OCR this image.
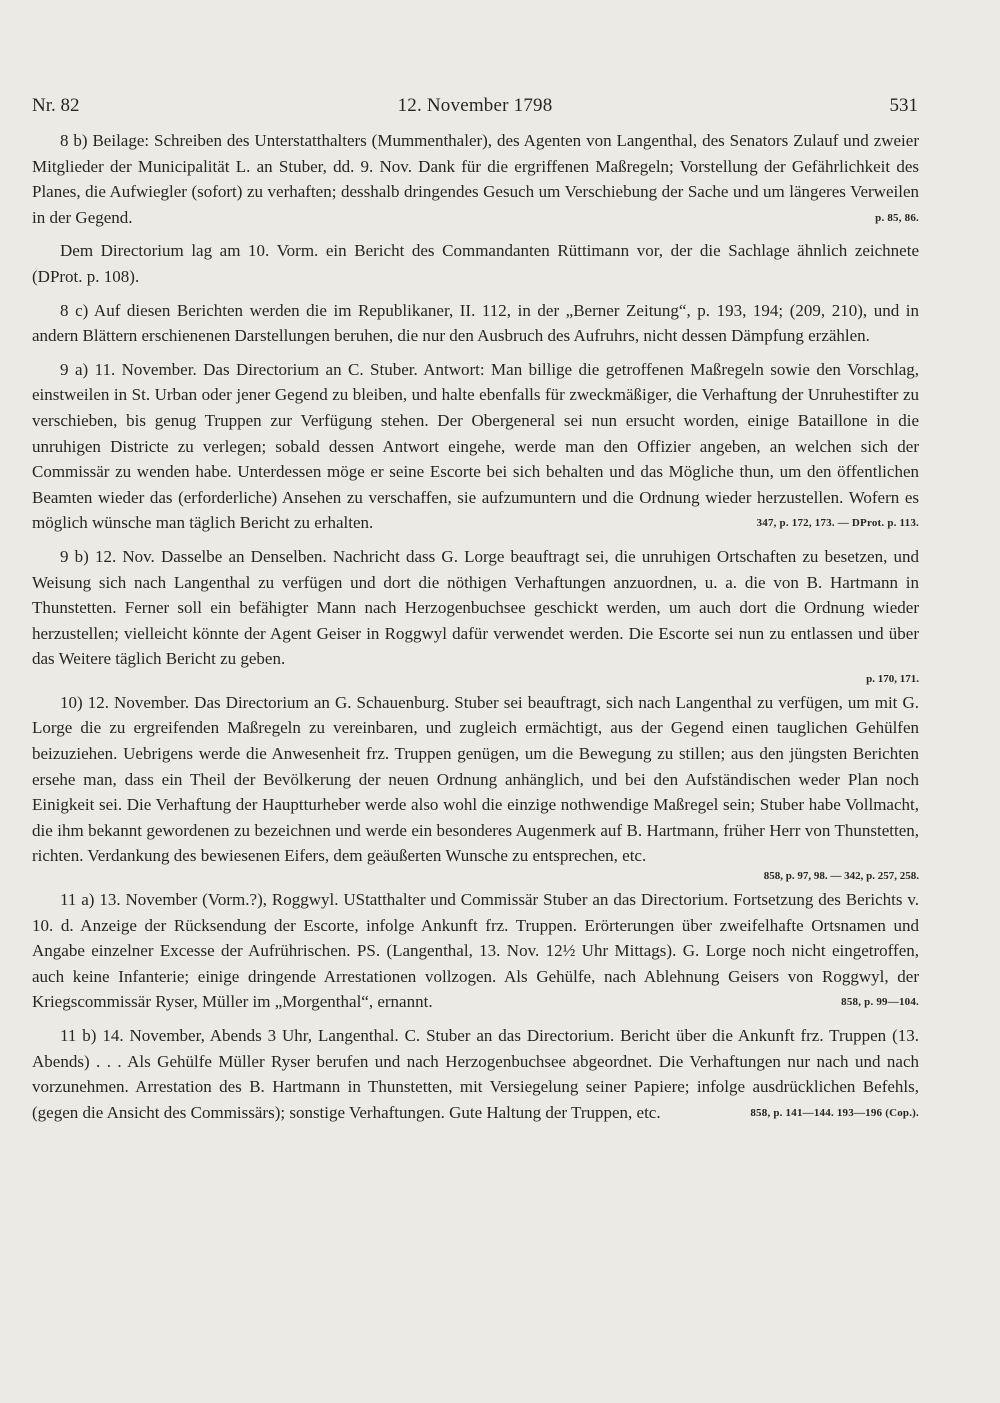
Nr. 82	12. November 1798	531

8 b) Beilage: Schreiben des Unterstatthalters (Mummenthaler), des Agenten von Langenthal, des Senators Zulauf und zweier Mitglieder der Municipalität L. an Stuber, dd. 9. Nov. Dank für die ergriffenen Maßregeln; Vorstellung der Gefährlichkeit des Planes, die Aufwiegler (sofort) zu verhaften; desshalb dringendes Gesuch um Verschiebung der Sache und um längeres Verweilen in der Gegend.	p. 85, 86.

Dem Directorium lag am 10. Vorm. ein Bericht des Commandanten Rüttimann vor, der die Sachlage ähnlich zeichnete (DProt. p. 108).

8 c) Auf diesen Berichten werden die im Republikaner, II. 112, in der „Berner Zeitung“, p. 193, 194; (209, 210), und in andern Blättern erschienenen Darstellungen beruhen, die nur den Ausbruch des Aufruhrs, nicht dessen Dämpfung erzählen.

9 a) 11. November. Das Directorium an C. Stuber. Antwort: Man billige die getroffenen Maßregeln sowie den Vorschlag, einstweilen in St. Urban oder jener Gegend zu bleiben, und halte ebenfalls für zweckmäßiger, die Verhaftung der Unruhestifter zu verschieben, bis genug Truppen zur Verfügung stehen. Der Obergeneral sei nun ersucht worden, einige Bataillone in die unruhigen Districte zu verlegen; sobald dessen Antwort eingehe, werde man den Offizier angeben, an welchen sich der Commissär zu wenden habe. Unterdessen möge er seine Escorte bei sich behalten und das Mögliche thun, um den öffentlichen Beamten wieder das (erforderliche) Ansehen zu verschaffen, sie aufzumuntern und die Ordnung wieder herzustellen. Wofern es möglich wünsche man täglich Bericht zu erhalten.	347, p. 172, 173. — DProt. p. 113.

9 b) 12. Nov. Dasselbe an Denselben. Nachricht dass G. Lorge beauftragt sei, die unruhigen Ortschaften zu besetzen, und Weisung sich nach Langenthal zu verfügen und dort die nöthigen Verhaftungen anzuordnen, u. a. die von B. Hartmann in Thunstetten. Ferner soll ein befähigter Mann nach Herzogenbuchsee geschickt werden, um auch dort die Ordnung wieder herzustellen; vielleicht könnte der Agent Geiser in Roggwyl dafür verwendet werden. Die Escorte sei nun zu entlassen und über das Weitere täglich Bericht zu geben.

p. 170, 171.

10) 12. November. Das Directorium an G. Schauenburg. Stuber sei beauftragt, sich nach Langenthal zu verfügen, um mit G. Lorge die zu ergreifenden Maßregeln zu vereinbaren, und zugleich ermächtigt, aus der Gegend einen tauglichen Gehülfen beizuziehen. Uebrigens werde die Anwesenheit frz. Truppen genügen, um die Bewegung zu stillen; aus den jüngsten Berichten ersehe man, dass ein Theil der Bevölkerung der neuen Ordnung anhänglich, und bei den Aufständischen weder Plan noch Einigkeit sei. Die Verhaftung der Hauptturheber werde also wohl die einzige nothwendige Maßregel sein; Stuber habe Vollmacht, die ihm bekannt gewordenen zu bezeichnen und werde ein besonderes Augenmerk auf B. Hartmann, früher Herr von Thunstetten, richten. Verdankung des bewiesenen Eifers, dem geäußerten Wunsche zu entsprechen, etc.

858, p. 97, 98. — 342, p. 257, 258.

11 a) 13. November (Vorm.?), Roggwyl. UStatthalter und Commissär Stuber an das Directorium. Fortsetzung des Berichts v. 10. d. Anzeige der Rücksendung der Escorte, infolge Ankunft frz. Truppen. Erörterungen über zweifelhafte Ortsnamen und Angabe einzelner Excesse der Aufrührischen. PS. (Langenthal, 13. Nov. 12½ Uhr Mittags). G. Lorge noch nicht eingetroffen, auch keine Infanterie; einige dringende Arrestationen vollzogen. Als Gehülfe, nach Ablehnung Geisers von Roggwyl, der Kriegscommissär Ryser, Müller im „Morgenthal“, ernannt.	858, p. 99—104.

11 b) 14. November, Abends 3 Uhr, Langenthal. C. Stuber an das Directorium. Bericht über die Ankunft frz. Truppen (13. Abends) . . . Als Gehülfe Müller Ryser berufen und nach Herzogenbuchsee abgeordnet. Die Verhaftungen nur nach und nach vorzunehmen. Arrestation des B. Hartmann in Thunstetten, mit Versiegelung seiner Papiere; infolge ausdrücklichen Befehls, (gegen die Ansicht des Commissärs); sonstige Verhaftungen. Gute Haltung der Truppen, etc.	858, p. 141—144. 193—196 (Cop.).
